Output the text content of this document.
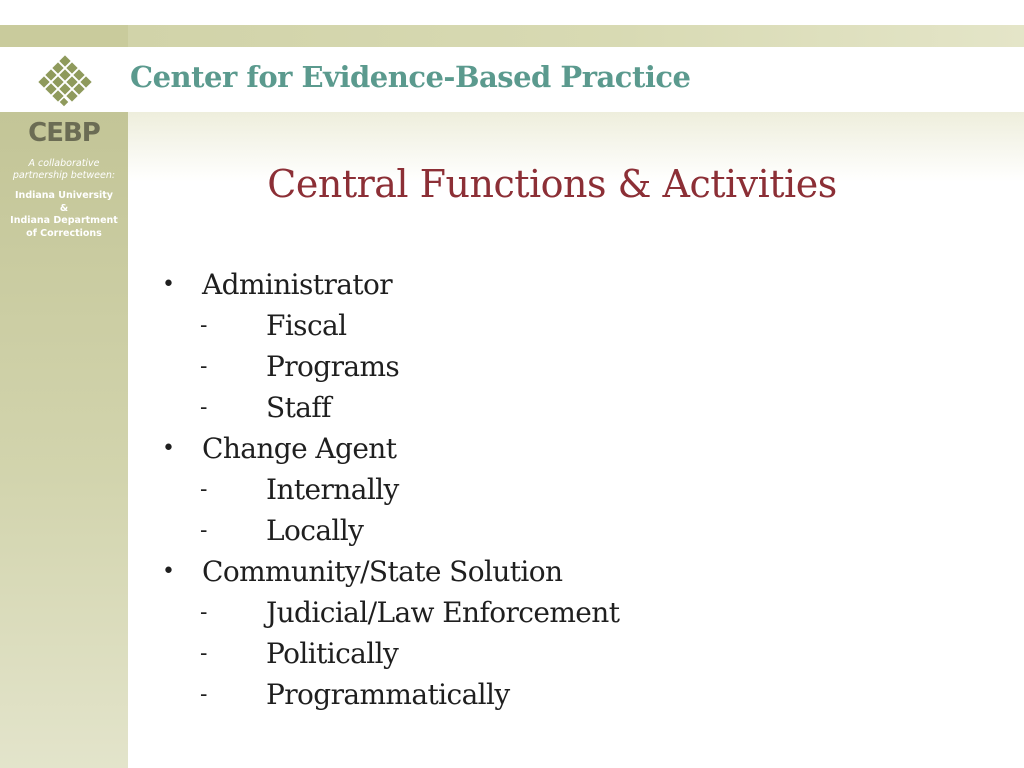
Center for Evidence-Based Practice
CEBP
A collaborative
partnership between:
Indiana University
&
Indiana Department
of Corrections
Central Functions & Activities
• Administrator
- Fiscal
- Programs
- Staff
• Change Agent
- Internally
- Locally
• Community/State Solution
- Judicial/Law Enforcement
- Politically
- Programmatically
